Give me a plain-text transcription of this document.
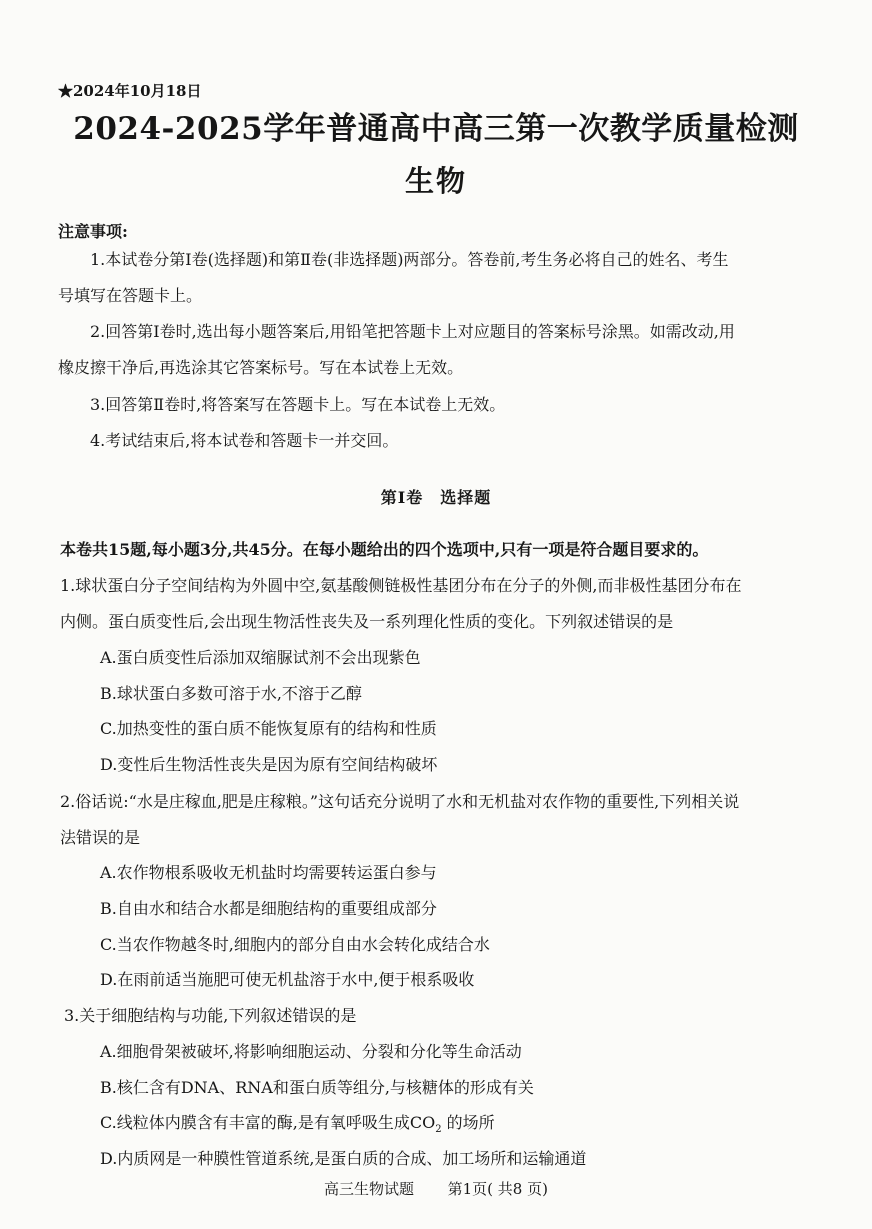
★2024年10月18日
2024-2025学年普通高中高三第一次教学质量检测
生物
注意事项:
1.本试卷分第Ⅰ卷(选择题)和第Ⅱ卷(非选择题)两部分。答卷前,考生务必将自己的姓名、考生
号填写在答题卡上。
2.回答第Ⅰ卷时,选出每小题答案后,用铅笔把答题卡上对应题目的答案标号涂黑。如需改动,用
橡皮擦干净后,再选涂其它答案标号。写在本试卷上无效。
3.回答第Ⅱ卷时,将答案写在答题卡上。写在本试卷上无效。
4.考试结束后,将本试卷和答题卡一并交回。
第Ⅰ卷　选择题
本卷共15题,每小题3分,共45分。在每小题给出的四个选项中,只有一项是符合题目要求的。
1.球状蛋白分子空间结构为外圆中空,氨基酸侧链极性基团分布在分子的外侧,而非极性基团分布在
内侧。蛋白质变性后,会出现生物活性丧失及一系列理化性质的变化。下列叙述错误的是
A.蛋白质变性后添加双缩脲试剂不会出现紫色
B.球状蛋白多数可溶于水,不溶于乙醇
C.加热变性的蛋白质不能恢复原有的结构和性质
D.变性后生物活性丧失是因为原有空间结构破坏
2.俗话说:“水是庄稼血,肥是庄稼粮。”这句话充分说明了水和无机盐对农作物的重要性,下列相关说
法错误的是
A.农作物根系吸收无机盐时均需要转运蛋白参与
B.自由水和结合水都是细胞结构的重要组成部分
C.当农作物越冬时,细胞内的部分自由水会转化成结合水
D.在雨前适当施肥可使无机盐溶于水中,便于根系吸收
3.关于细胞结构与功能,下列叙述错误的是
A.细胞骨架被破坏,将影响细胞运动、分裂和分化等生命活动
B.核仁含有DNA、RNA和蛋白质等组分,与核糖体的形成有关
C.线粒体内膜含有丰富的酶,是有氧呼吸生成$CO_2$ 的场所
D.内质网是一种膜性管道系统,是蛋白质的合成、加工场所和运输通道
高三生物试题 第1页( 共8 页)
